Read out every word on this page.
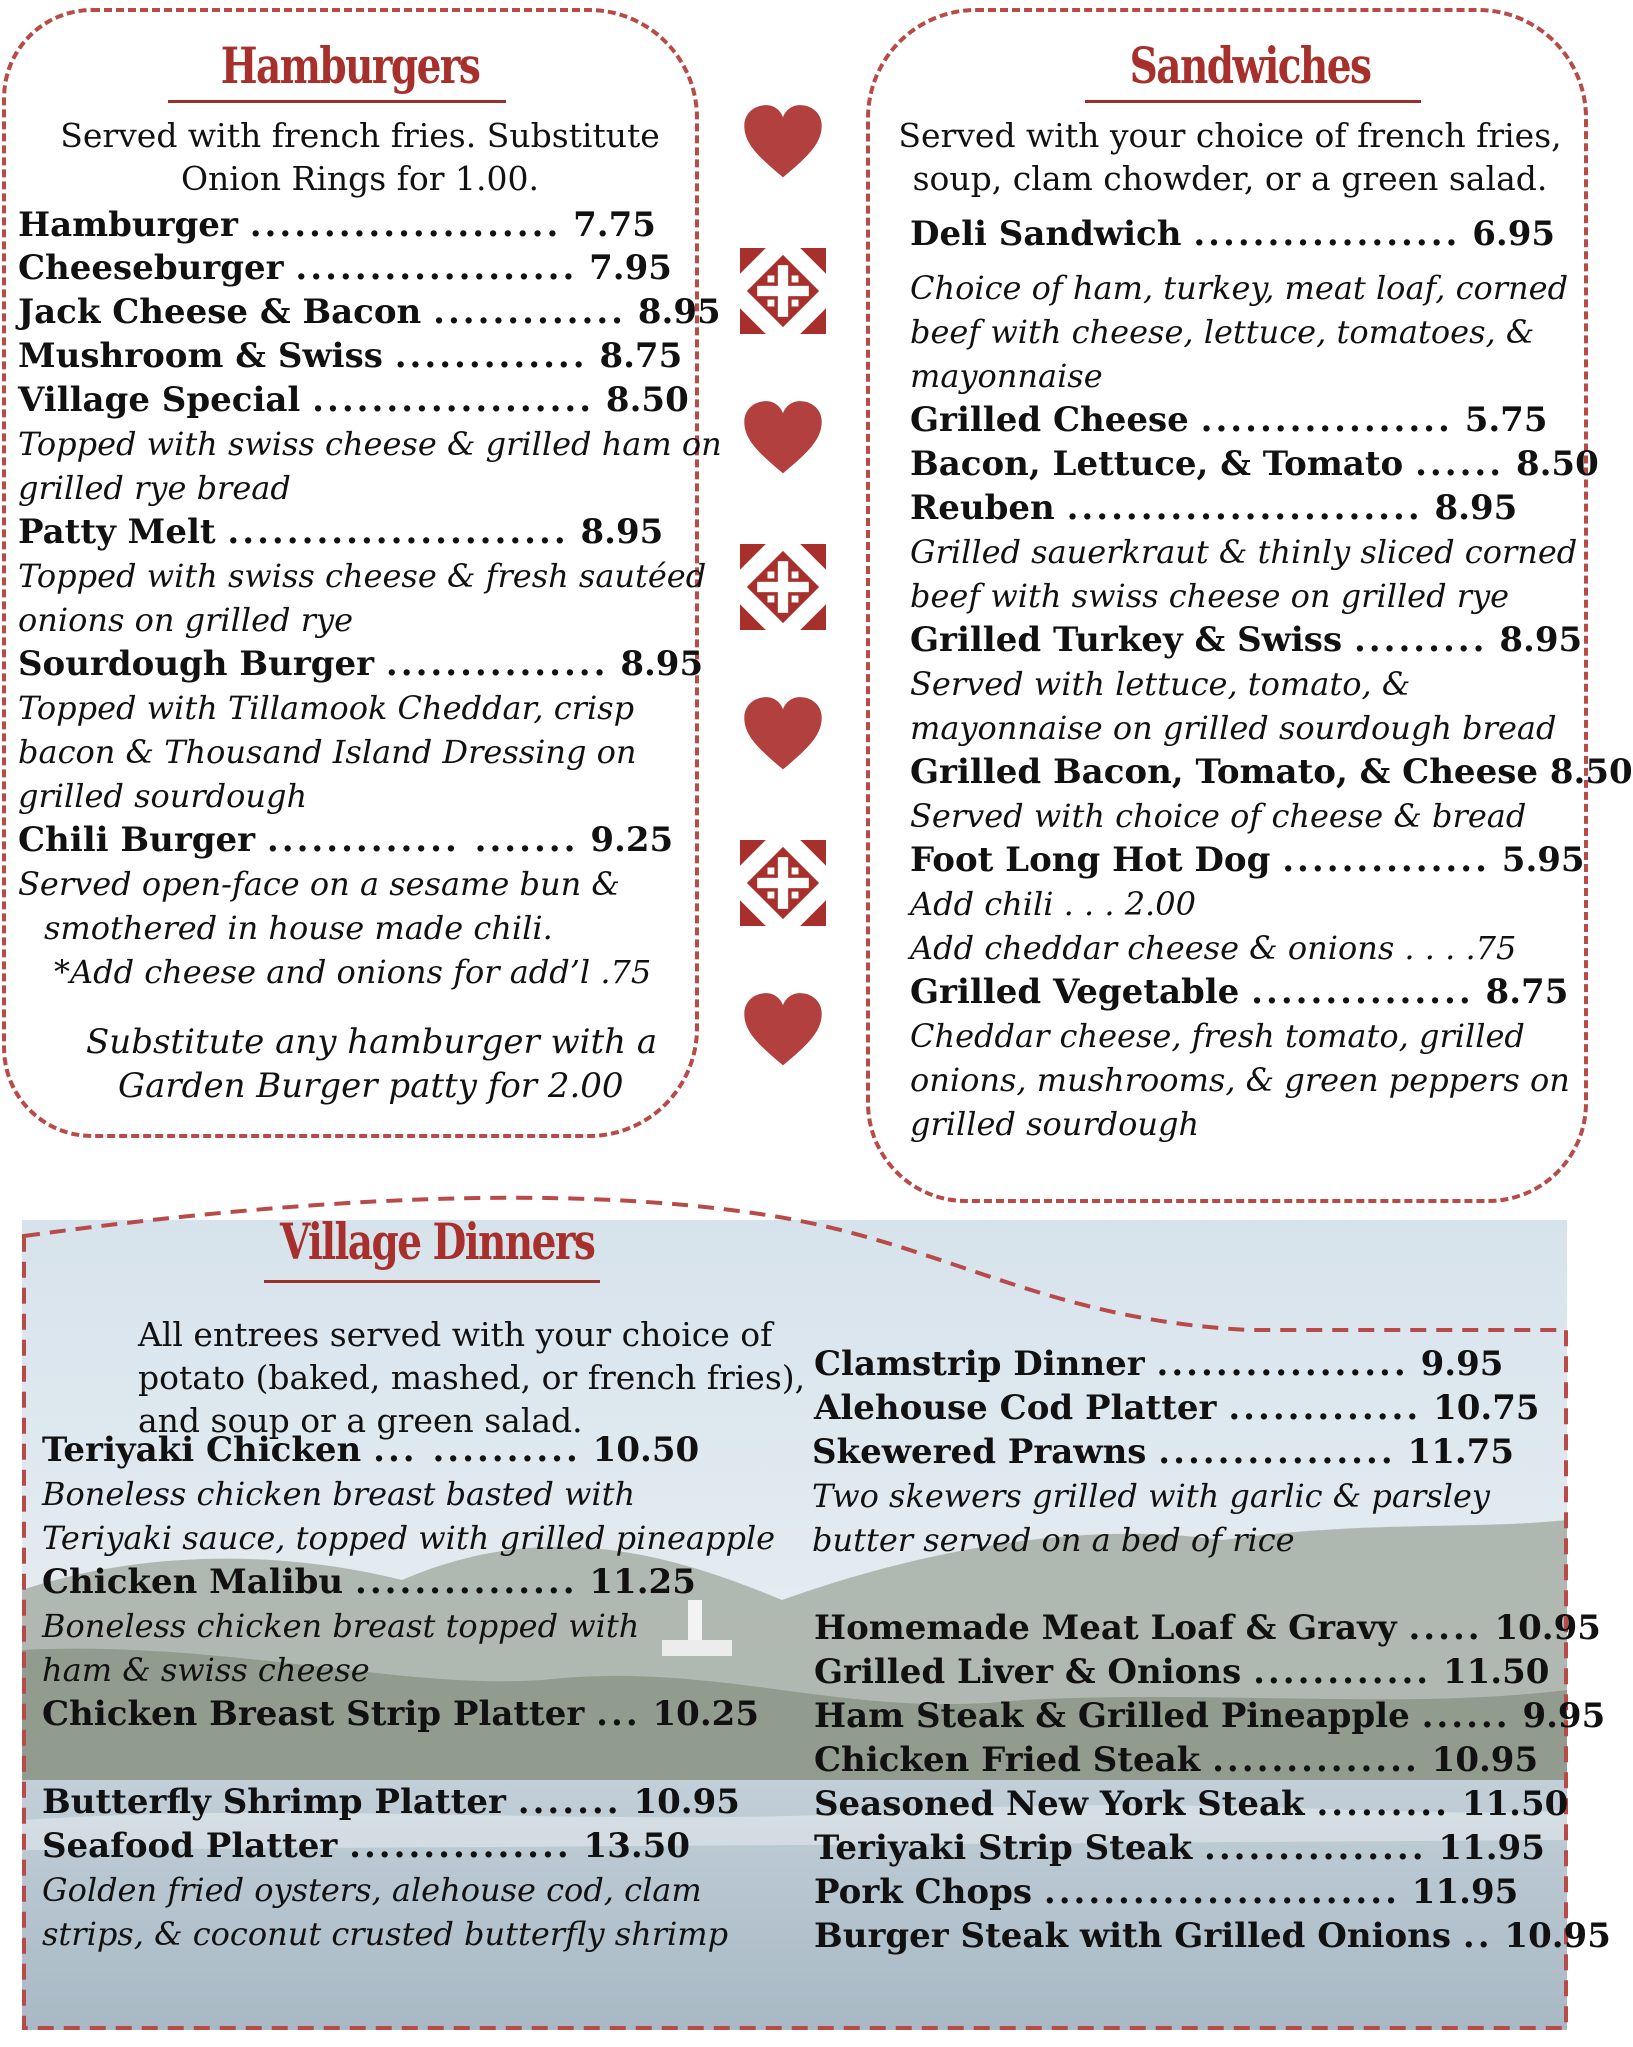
Hamburgers
Served with french fries. Substitute
Onion Rings for 1.00.
Hamburger ..................... 7.75
Cheeseburger ................... 7.95
Jack Cheese & Bacon ............. 8.95
Mushroom & Swiss ............. 8.75
Village Special ................... 8.50
Topped with swiss cheese & grilled ham on
grilled rye bread
Patty Melt ....................... 8.95
Topped with swiss cheese & fresh sautéed
onions on grilled rye
Sourdough Burger ............... 8.95
Topped with Tillamook Cheddar, crisp
bacon & Thousand Island Dressing on
grilled sourdough
Chili Burger ............. ....... 9.25
Served open-face on a sesame bun &
smothered in house made chili.
*Add cheese and onions for add’l .75
Substitute any hamburger with a
Garden Burger patty for 2.00
Sandwiches
Served with your choice of french fries,
soup, clam chowder, or a green salad.
Deli Sandwich .................. 6.95
Choice of ham, turkey, meat loaf, corned
beef with cheese, lettuce, tomatoes, &
mayonnaise
Grilled Cheese ................. 5.75
Bacon, Lettuce, & Tomato ...... 8.50
Reuben ........................ 8.95
Grilled sauerkraut & thinly sliced corned
beef with swiss cheese on grilled rye
Grilled Turkey & Swiss ......... 8.95
Served with lettuce, tomato, &
mayonnaise on grilled sourdough bread
Grilled Bacon, Tomato, & Cheese 8.50
Served with choice of cheese & bread
Foot Long Hot Dog .............. 5.95
Add chili . . . 2.00
Add cheddar cheese & onions . . . .75
Grilled Vegetable ............... 8.75
Cheddar cheese, fresh tomato, grilled
onions, mushrooms, & green peppers on
grilled sourdough
Village Dinners
All entrees served with your choice of
potato (baked, mashed, or french fries),
and soup or a green salad.
Teriyaki Chicken ... .......... 10.50
Boneless chicken breast basted with
Teriyaki sauce, topped with grilled pineapple
Chicken Malibu ............... 11.25
Boneless chicken breast topped with
ham & swiss cheese
Chicken Breast Strip Platter ... 10.25
Butterfly Shrimp Platter ....... 10.95
Seafood Platter ............... 13.50
Golden fried oysters, alehouse cod, clam
strips, & coconut crusted butterfly shrimp
Clamstrip Dinner ................. 9.95
Alehouse Cod Platter ............. 10.75
Skewered Prawns ................ 11.75
Two skewers grilled with garlic & parsley
butter served on a bed of rice
Homemade Meat Loaf & Gravy ..... 10.95
Grilled Liver & Onions ............ 11.50
Ham Steak & Grilled Pineapple ...... 9.95
Chicken Fried Steak .............. 10.95
Seasoned New York Steak ......... 11.50
Teriyaki Strip Steak ............... 11.95
Pork Chops ........................ 11.95
Burger Steak with Grilled Onions .. 10.95
